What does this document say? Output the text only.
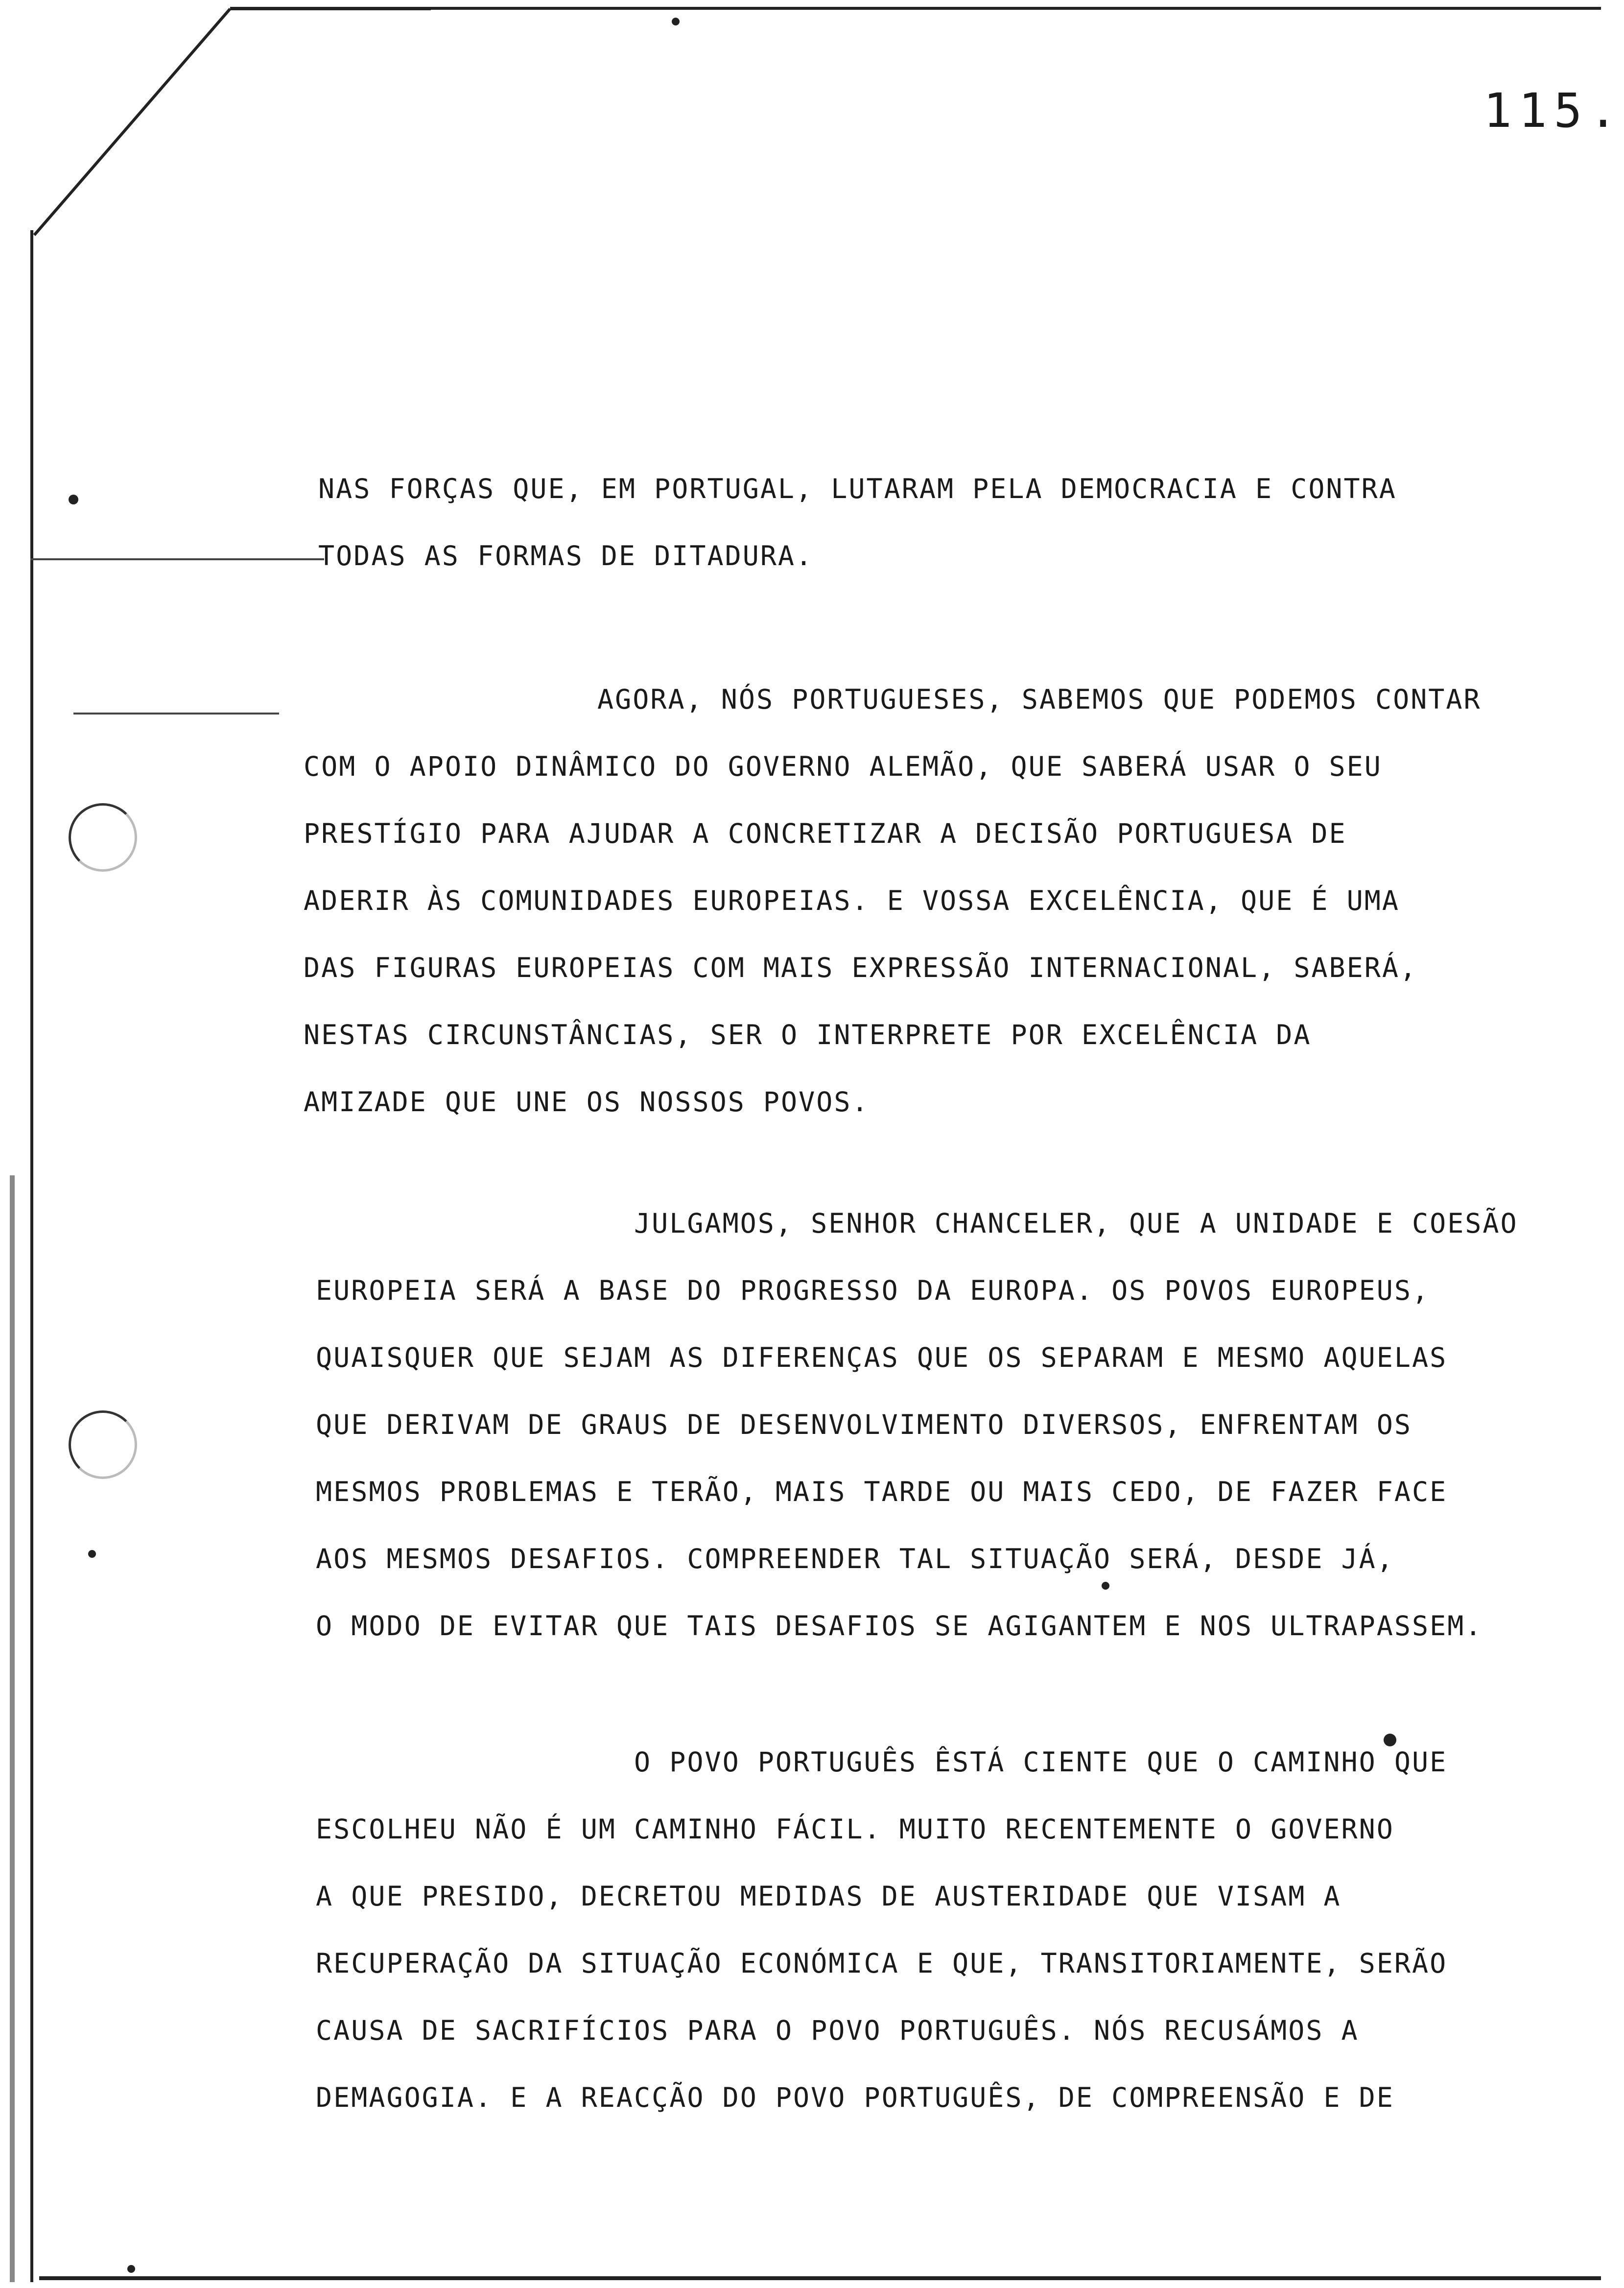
115.
NAS FORÇAS QUE, EM PORTUGAL, LUTARAM PELA DEMOCRACIA E CONTRA
TODAS AS FORMAS DE DITADURA.
AGORA, NÓS PORTUGUESES, SABEMOS QUE PODEMOS CONTAR
COM O APOIO DINÂMICO DO GOVERNO ALEMÃO, QUE SABERÁ USAR O SEU
PRESTÍGIO PARA AJUDAR A CONCRETIZAR A DECISÃO PORTUGUESA DE
ADERIR ÀS COMUNIDADES EUROPEIAS. E VOSSA EXCELÊNCIA, QUE É UMA
DAS FIGURAS EUROPEIAS COM MAIS EXPRESSÃO INTERNACIONAL, SABERÁ,
NESTAS CIRCUNSTÂNCIAS, SER O INTERPRETE POR EXCELÊNCIA DA
AMIZADE QUE UNE OS NOSSOS POVOS.
JULGAMOS, SENHOR CHANCELER, QUE A UNIDADE E COESÃO
EUROPEIA SERÁ A BASE DO PROGRESSO DA EUROPA. OS POVOS EUROPEUS,
QUAISQUER QUE SEJAM AS DIFERENÇAS QUE OS SEPARAM E MESMO AQUELAS
QUE DERIVAM DE GRAUS DE DESENVOLVIMENTO DIVERSOS, ENFRENTAM OS
MESMOS PROBLEMAS E TERÃO, MAIS TARDE OU MAIS CEDO, DE FAZER FACE
AOS MESMOS DESAFIOS. COMPREENDER TAL SITUAÇÃO SERÁ, DESDE JÁ,
O MODO DE EVITAR QUE TAIS DESAFIOS SE AGIGANTEM E NOS ULTRAPASSEM.
O POVO PORTUGUÊS ÊSTÁ CIENTE QUE O CAMINHO QUE
ESCOLHEU NÃO É UM CAMINHO FÁCIL. MUITO RECENTEMENTE O GOVERNO
A QUE PRESIDO, DECRETOU MEDIDAS DE AUSTERIDADE QUE VISAM A
RECUPERAÇÃO DA SITUAÇÃO ECONÓMICA E QUE, TRANSITORIAMENTE, SERÃO
CAUSA DE SACRIFÍCIOS PARA O POVO PORTUGUÊS. NÓS RECUSÁMOS A
DEMAGOGIA. E A REACÇÃO DO POVO PORTUGUÊS, DE COMPREENSÃO E DE
